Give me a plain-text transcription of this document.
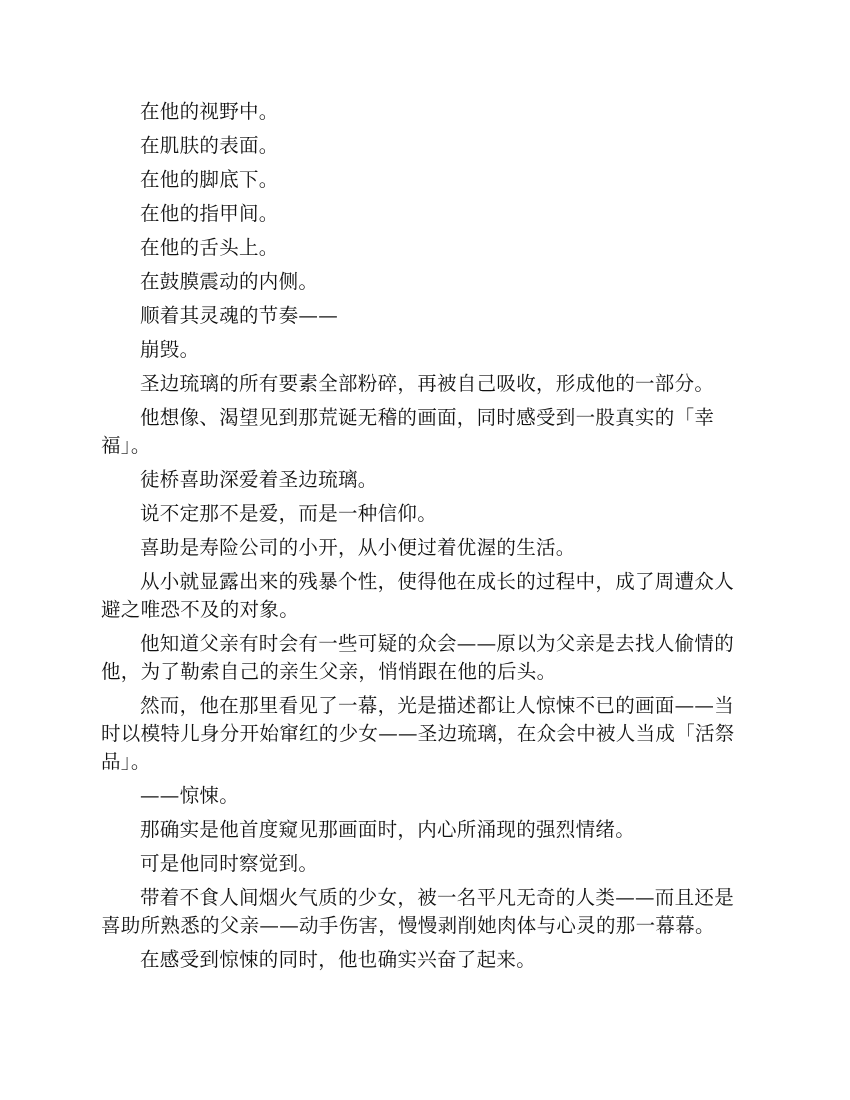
在他的视野中。

在肌肤的表面。

在他的脚底下。

在他的指甲间。

在他的舌头上。

在鼓膜震动的内侧。

顺着其灵魂的节奏——

崩毁。

圣边琉璃的所有要素全部粉碎，再被自己吸收，形成他的一部分。

他想像、渴望见到那荒诞无稽的画面，同时感受到一股真实的「幸福」。

徒桥喜助深爱着圣边琉璃。

说不定那不是爱，而是一种信仰。

喜助是寿险公司的小开，从小便过着优渥的生活。

从小就显露出来的残暴个性，使得他在成长的过程中，成了周遭众人避之唯恐不及的对象。

他知道父亲有时会有一些可疑的众会——原以为父亲是去找人偷情的他，为了勒索自己的亲生父亲，悄悄跟在他的后头。

然而，他在那里看见了一幕，光是描述都让人惊悚不已的画面——当时以模特儿身分开始窜红的少女——圣边琉璃，在众会中被人当成「活祭品」。

——惊悚。

那确实是他首度窥见那画面时，内心所涌现的强烈情绪。

可是他同时察觉到。

带着不食人间烟火气质的少女，被一名平凡无奇的人类——而且还是喜助所熟悉的父亲——动手伤害，慢慢剥削她肉体与心灵的那一幕幕。

在感受到惊悚的同时，他也确实兴奋了起来。
